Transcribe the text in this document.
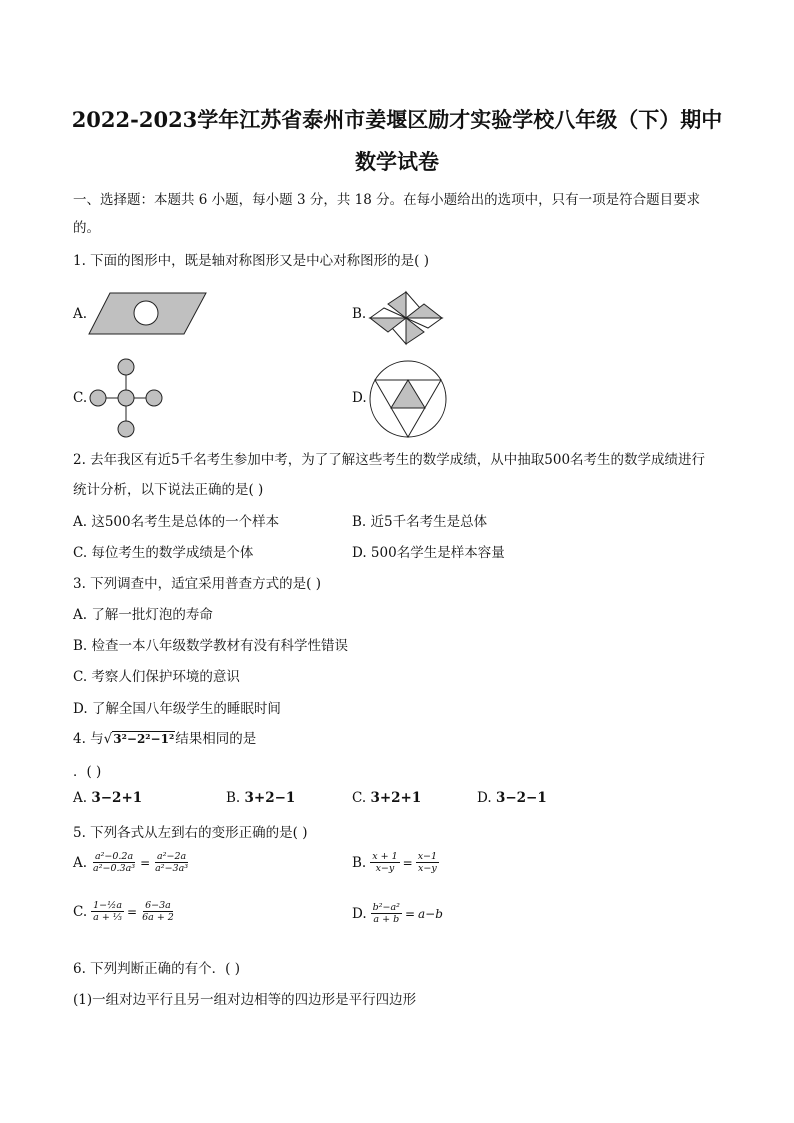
2022-2023学年江苏省泰州市姜堰区励才实验学校八年级（下）期中
数学试卷
一、选择题：本题共 6 小题，每小题 3 分，共 18 分。在每小题给出的选项中，只有一项是符合题目要求
的。
1. 下面的图形中，既是轴对称图形又是中心对称图形的是( )
A.	B.
C.	D.
2. 去年我区有近5千名考生参加中考，为了了解这些考生的数学成绩，从中抽取500名考生的数学成绩进行
统计分析，以下说法正确的是( )
A. 这500名考生是总体的一个样本	B. 近5千名考生是总体
C. 每位考生的数学成绩是个体	D. 500名学生是样本容量
3. 下列调查中，适宜采用普查方式的是( )
A. 了解一批灯泡的寿命
B. 检查一本八年级数学教材有没有科学性错误
C. 考察人们保护环境的意识
D. 了解全国八年级学生的睡眠时间
4. 与√3²−2²−1²结果相同的是
．( )
A. 3−2+1	B. 3+2−1	C. 3+2+1	D. 3−2−1
5. 下列各式从左到右的变形正确的是( )
A. $\frac{\text{a²−0.2a}}{\text{a²−0.3a³}} = \frac{\text{a²−2a}}{\text{a²−3a³}}$	B. $\frac{x + 1}{x-y} = \frac{x-1}{x-y}$
C. $\frac{\text{1−½a}}{\text{a + ⅓}} = \frac{6-3a}{6a + 2}$	D. $\frac{\text{b²−a²}}{a + b} = a-b$
6. 下列判断正确的有个．( )
(1)一组对边平行且另一组对边相等的四边形是平行四边形
